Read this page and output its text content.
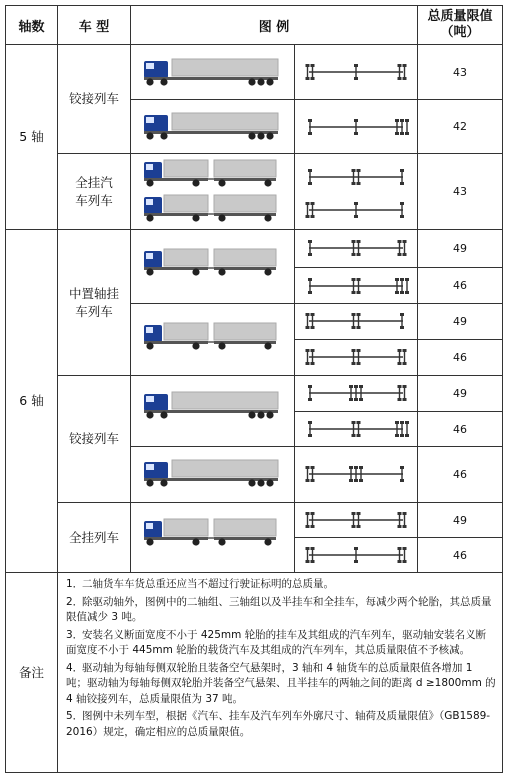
轴数	车 型	图 例
总质量限值（吨）
5 轴
铰接列车
全挂汽车列车
43
42
43
6 轴
中置轴挂车列车
铰接列车
全挂列车
49
46
49
46
49
46
46
49
46
备注

1．二轴货车车货总重还应当不超过行驶证标明的总质量。

2．除驱动轴外，图例中的二轴组、三轴组以及半挂车和全挂车，每减少两个轮胎，其总质量限值减少 3 吨。

3．安装名义断面宽度不小于 425mm 轮胎的挂车及其组成的汽车列车，驱动轴安装名义断面宽度不小于 445mm 轮胎的载货汽车及其组成的汽车列车，其总质量限值不予核减。

4．驱动轴为每轴每侧双轮胎且装备空气悬架时，3 轴和 4 轴货车的总质量限值各增加 1 吨；驱动轴为每轴每侧双轮胎并装备空气悬架、且半挂车的两轴之间的距离 d ≥1800mm 的 4 轴铰接列车，总质量限值为 37 吨。

5．图例中未列车型，根据《汽车、挂车及汽车列车外廓尺寸、轴荷及质量限值》（GB1589-2016）规定，确定相应的总质量限值。
